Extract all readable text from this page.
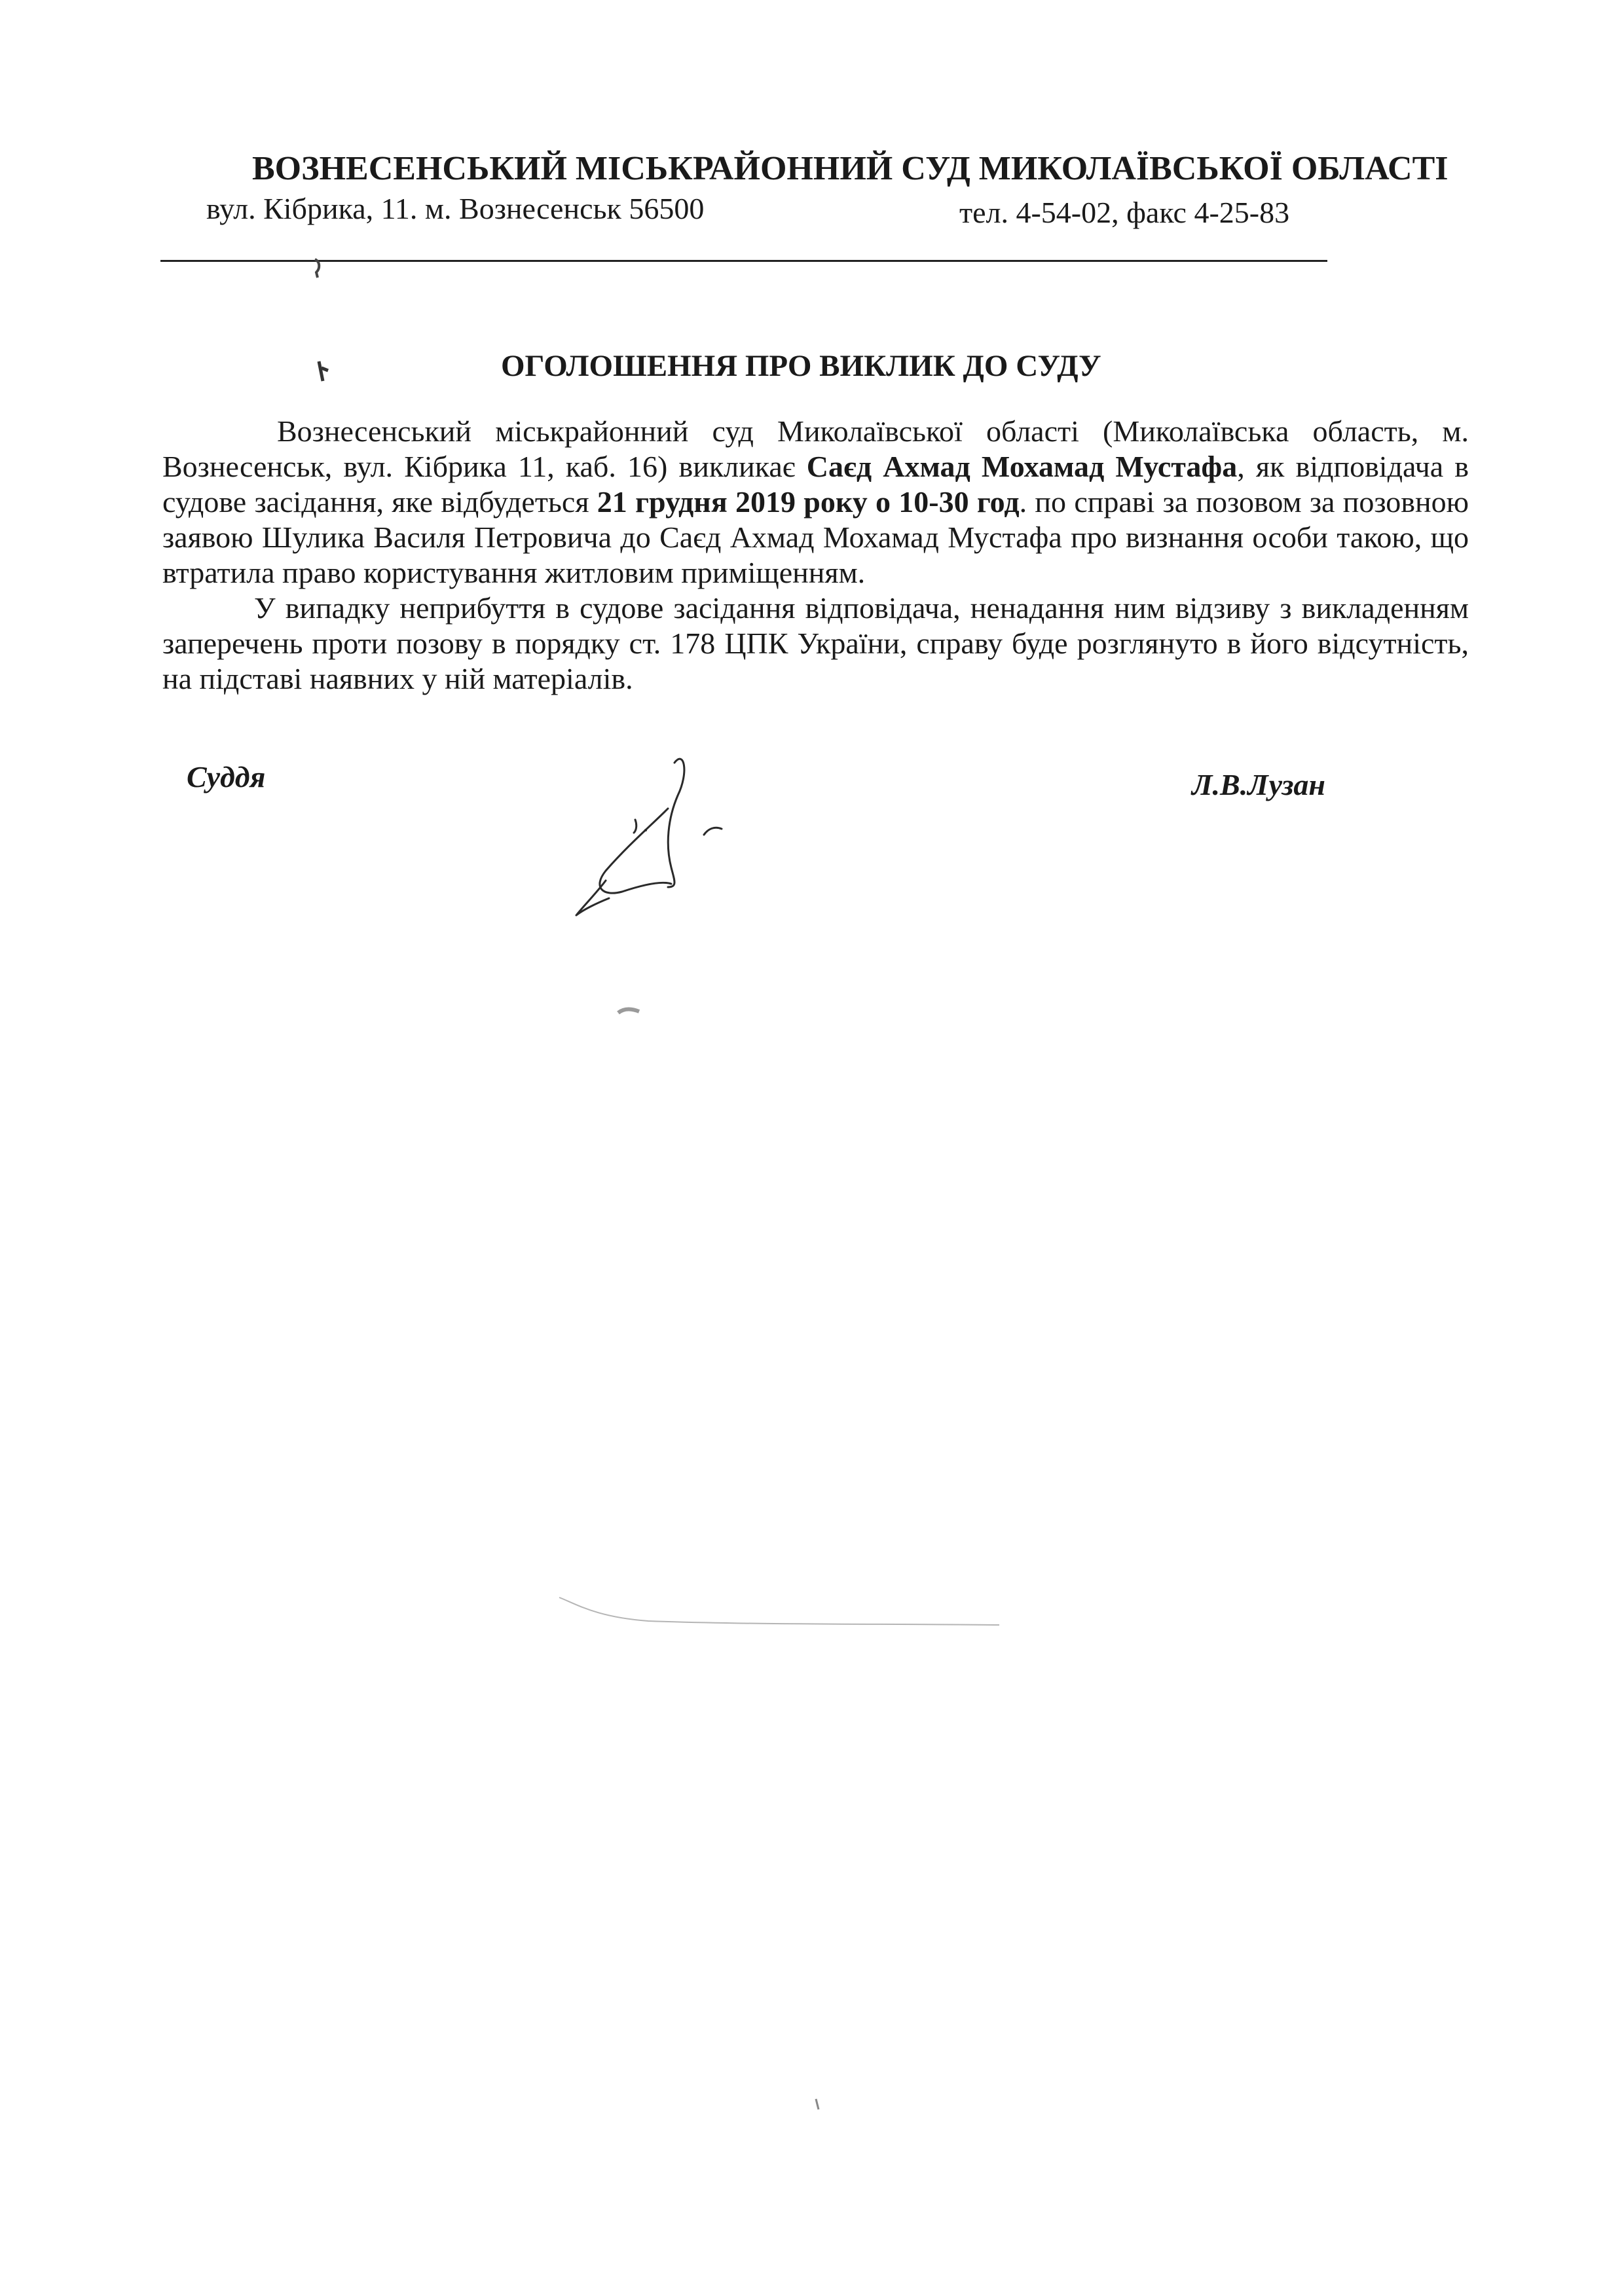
ВОЗНЕСЕНСЬКИЙ МІСЬКРАЙОННИЙ СУД МИКОЛАЇВСЬКОЇ ОБЛАСТІ
вул. Кібрика, 11. м. Вознесенськ 56500	тел. 4-54-02, факс 4-25-83
ОГОЛОШЕННЯ ПРО ВИКЛИК ДО СУДУ

Вознесенський міськрайонний суд Миколаївської області (Миколаївська область, м. Вознесенськ, вул. Кібрика 11, каб. 16) викликає Саєд Ахмад Мохамад Мустафа, як відповідача в судове засідання, яке відбудеться 21 грудня 2019 року о 10-30 год. по справі за позовом за позовною заявою Шулика Василя Петровича до Саєд Ахмад Мохамад Мустафа про визнання особи такою, що втратила право користування житловим приміщенням.

У випадку неприбуття в судове засідання відповідача, ненадання ним відзиву з викладенням заперечень проти позову в порядку ст. 178 ЦПК України, справу буде розглянуто в його відсутність, на підставі наявних у ній матеріалів.

Суддя	Л.В.Лузан
